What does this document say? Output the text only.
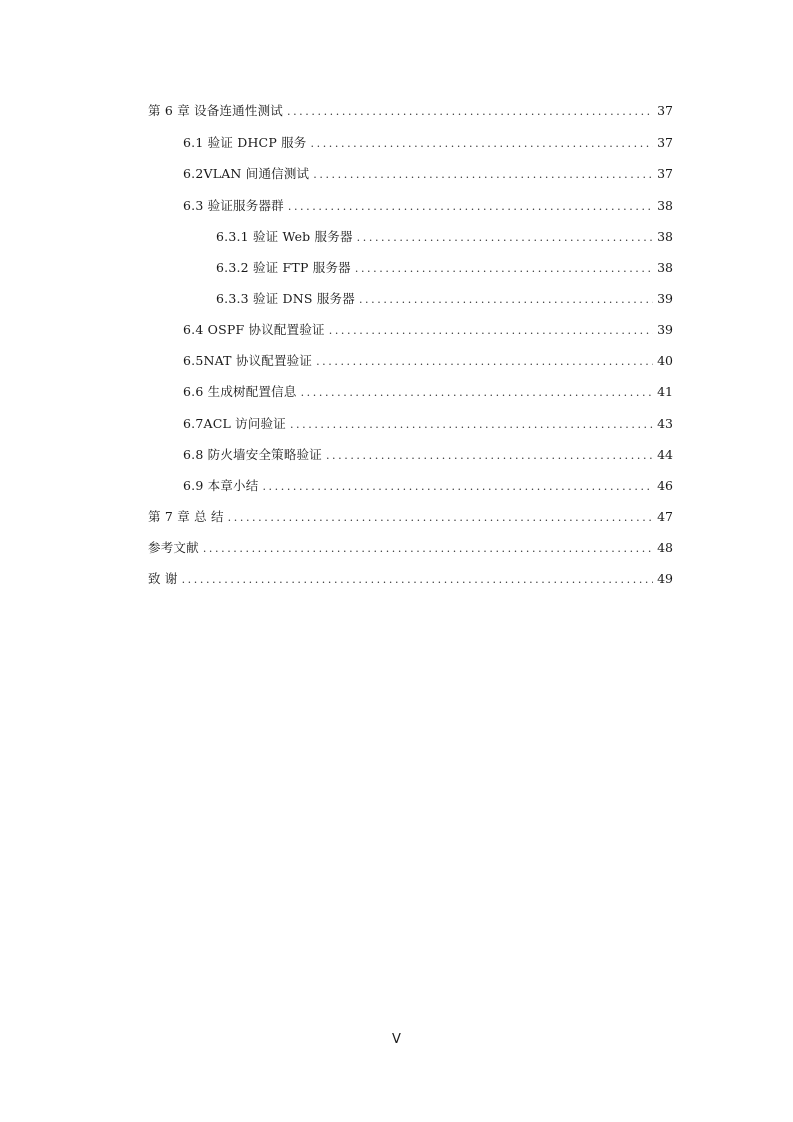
第 6 章 设备连通性测试 .....	37
6.1 验证 DHCP 服务 .....	37
6.2VLAN 间通信测试 .....	37
6.3 验证服务器群 .....	38
6.3.1 验证 Web 服务器 .....	38
6.3.2 验证 FTP 服务器 .....	38
6.3.3 验证 DNS 服务器 .....	39
6.4 OSPF 协议配置验证 .....	39
6.5NAT 协议配置验证 .....	40
6.6 生成树配置信息 .....	41
6.7ACL 访问验证 .....	43
6.8 防火墙安全策略验证 .....	44
6.9 本章小结 .....	46
第 7 章 总 结 .....	47
参考文献 .....	48
致 谢 .....	49
V
